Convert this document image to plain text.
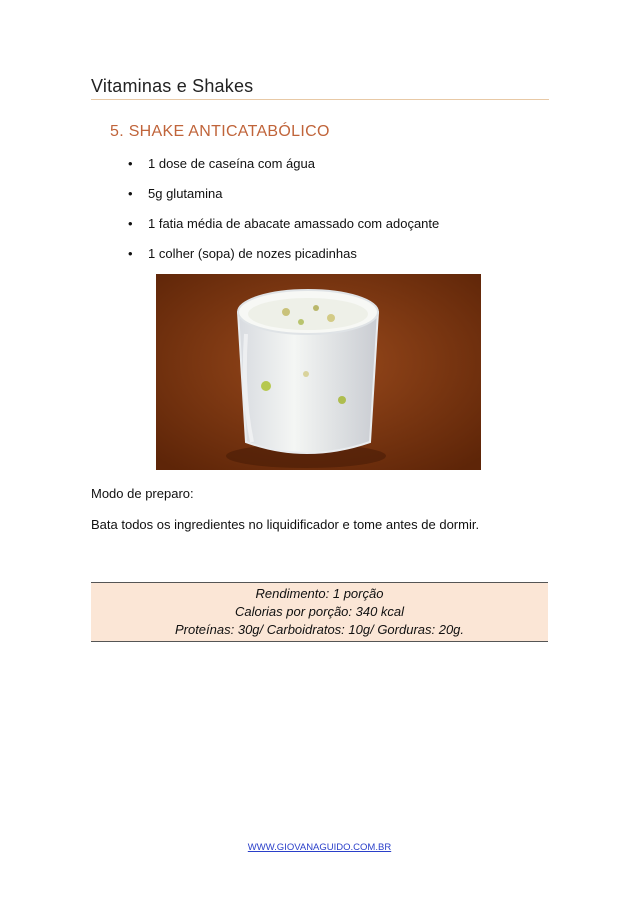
Vitaminas e Shakes
5. SHAKE ANTICATABÓLICO
• 1 dose de caseína com água
• 5g glutamina
• 1 fatia média de abacate amassado com adoçante
• 1 colher (sopa) de nozes picadinhas
Modo de preparo:
Bata todos os ingredientes no liquidificador e tome antes de dormir.
Rendimento: 1 porção
Calorias por porção: 340 kcal
Proteínas: 30g/ Carboidratos: 10g/ Gorduras: 20g.
WWW.GIOVANAGUIDO.COM.BR
